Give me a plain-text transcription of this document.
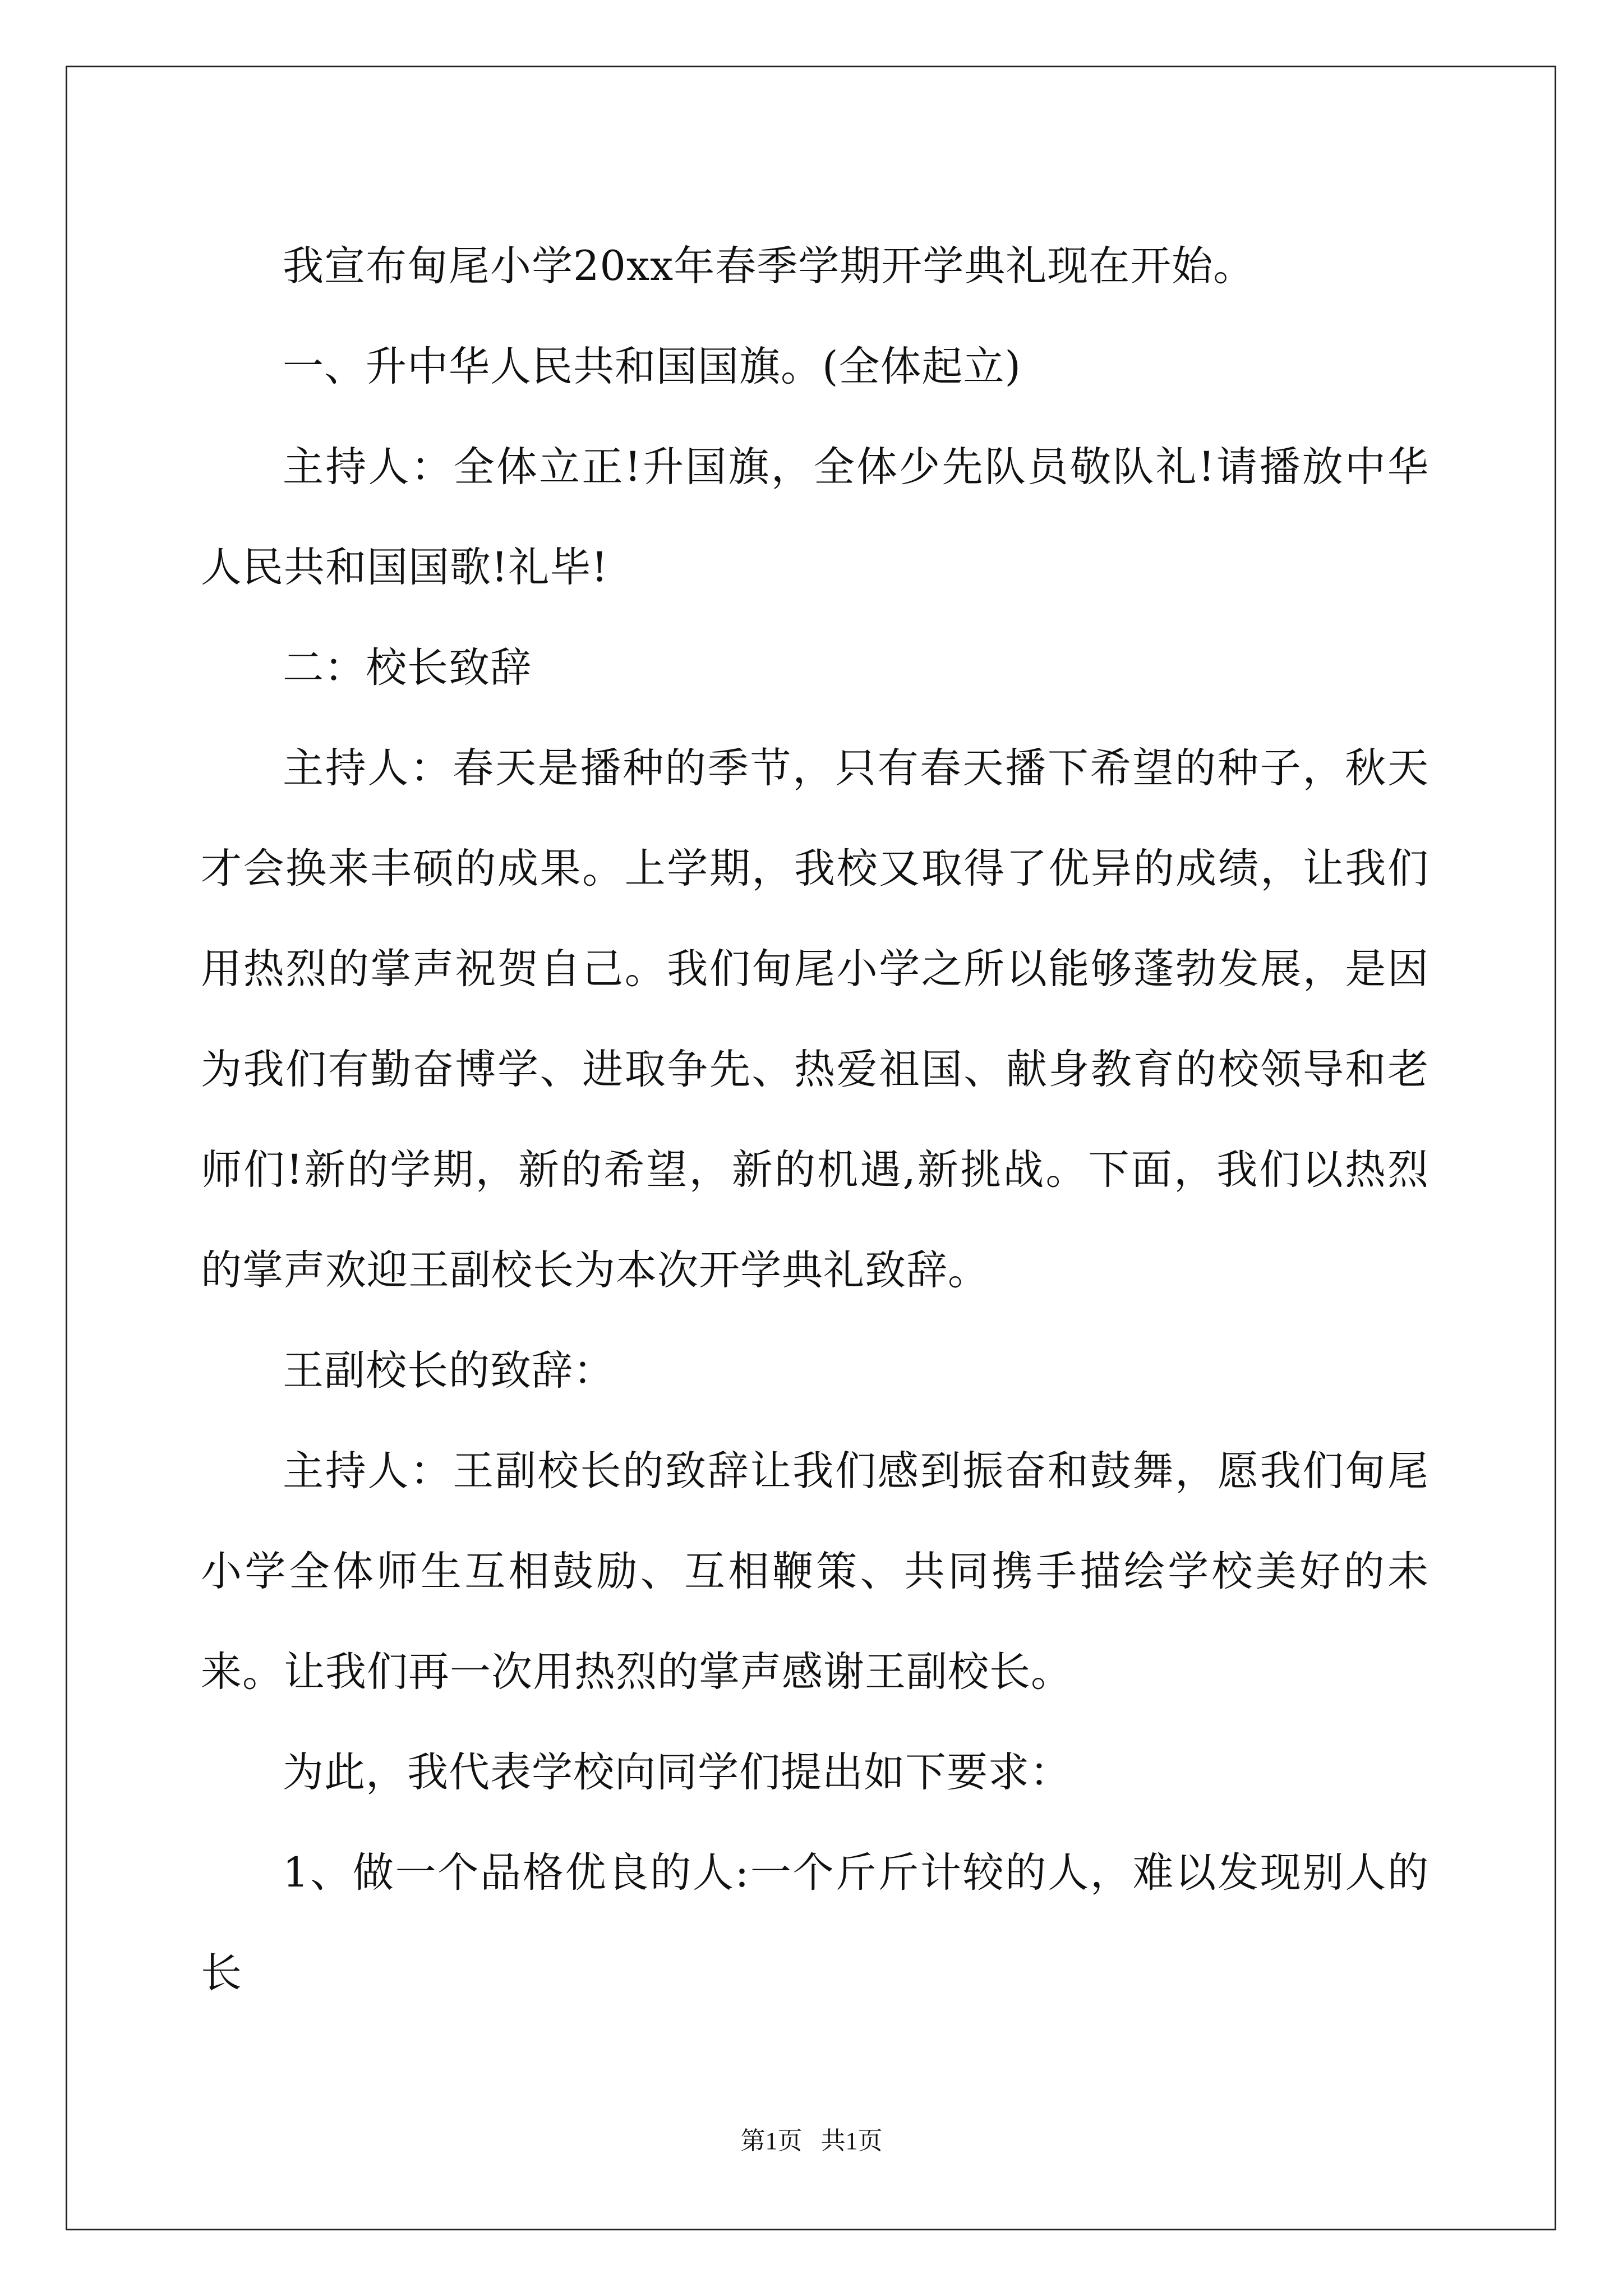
我宣布甸尾小学20xx年春季学期开学典礼现在开始。

一、升中华人民共和国国旗。(全体起立)

主持人：全体立正!升国旗，全体少先队员敬队礼!请播放中华人民共和国国歌!礼毕!

二：校长致辞

主持人：春天是播种的季节，只有春天播下希望的种子，秋天才会换来丰硕的成果。上学期，我校又取得了优异的成绩，让我们用热烈的掌声祝贺自己。我们甸尾小学之所以能够蓬勃发展，是因为我们有勤奋博学、进取争先、热爱祖国、献身教育的校领导和老师们!新的学期，新的希望，新的机遇,新挑战。下面，我们以热烈的掌声欢迎王副校长为本次开学典礼致辞。

王副校长的致辞：

主持人：王副校长的致辞让我们感到振奋和鼓舞，愿我们甸尾小学全体师生互相鼓励、互相鞭策、共同携手描绘学校美好的未来。让我们再一次用热烈的掌声感谢王副校长。

为此，我代表学校向同学们提出如下要求：

1、做一个品格优良的人:一个斤斤计较的人，难以发现别人的长

第1页 共1页
